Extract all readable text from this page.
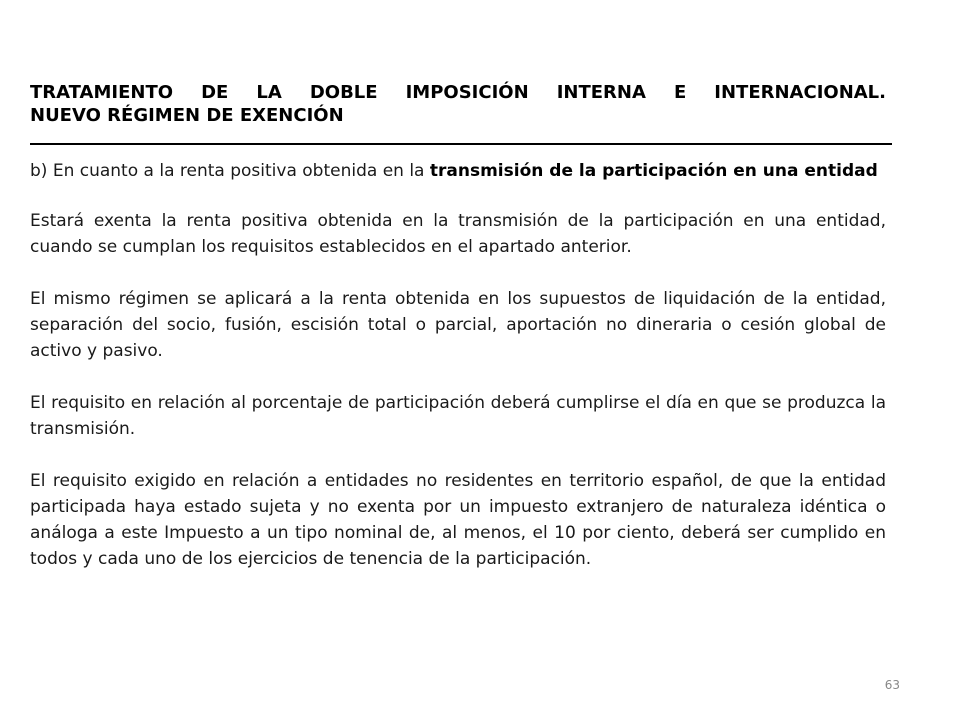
TRATAMIENTO DE LA DOBLE IMPOSICIÓN INTERNA E INTERNACIONAL.
NUEVO RÉGIMEN DE EXENCIÓN

b) En cuanto a la renta positiva obtenida en la transmisión de la participación en una entidad

Estará exenta la renta positiva obtenida en la transmisión de la participación en una entidad, cuando se cumplan los requisitos establecidos en el apartado anterior.

El mismo régimen se aplicará a la renta obtenida en los supuestos de liquidación de la entidad, separación del socio, fusión, escisión total o parcial, aportación no dineraria o cesión global de activo y pasivo.

El requisito en relación al porcentaje de participación deberá cumplirse el día en que se produzca la transmisión.

El requisito exigido en relación a entidades no residentes en territorio español, de que la entidad participada haya estado sujeta y no exenta por un impuesto extranjero de naturaleza idéntica o análoga a este Impuesto a un tipo nominal de, al menos, el 10 por ciento, deberá ser cumplido en todos y cada uno de los ejercicios de tenencia de la participación.

63
